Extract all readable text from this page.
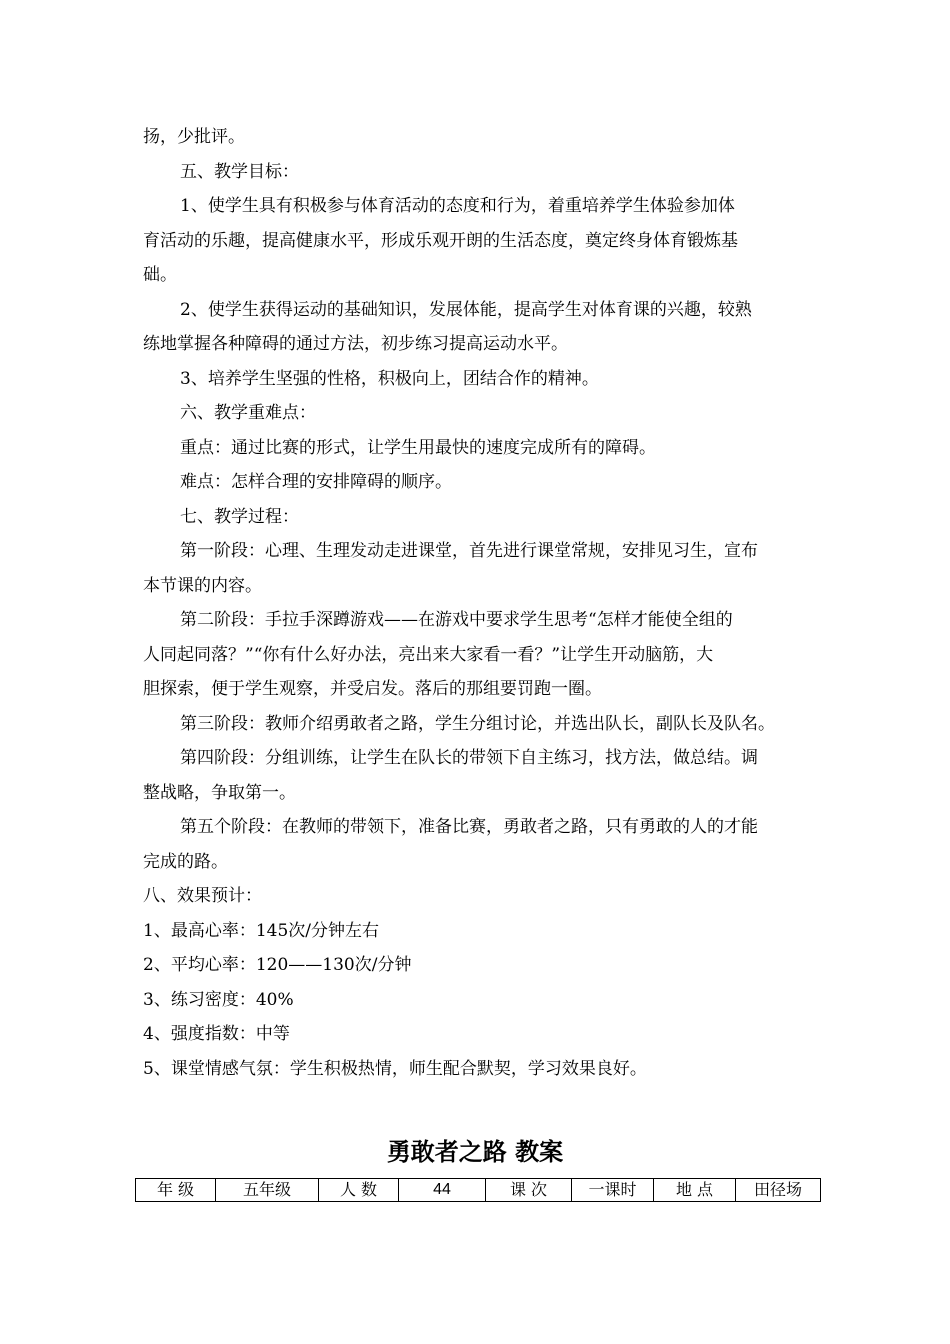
扬，少批评。
五、教学目标：
1、使学生具有积极参与体育活动的态度和行为，着重培养学生体验参加体
育活动的乐趣，提高健康水平，形成乐观开朗的生活态度，奠定终身体育锻炼基
础。
2、使学生获得运动的基础知识，发展体能，提高学生对体育课的兴趣，较熟
练地掌握各种障碍的通过方法，初步练习提高运动水平。
3、培养学生坚强的性格，积极向上，团结合作的精神。
六、教学重难点：
重点：通过比赛的形式，让学生用最快的速度完成所有的障碍。
难点：怎样合理的安排障碍的顺序。
七、教学过程：
第一阶段：心理、生理发动走进课堂，首先进行课堂常规，安排见习生，宣布
本节课的内容。
第二阶段：手拉手深蹲游戏——在游戏中要求学生思考“怎样才能使全组的
人同起同落？”“你有什么好办法，亮出来大家看一看？”让学生开动脑筋，大
胆探索，便于学生观察，并受启发。落后的那组要罚跑一圈。
第三阶段：教师介绍勇敢者之路，学生分组讨论，并选出队长，副队长及队名。
第四阶段：分组训练，让学生在队长的带领下自主练习，找方法，做总结。调
整战略，争取第一。
第五个阶段：在教师的带领下，准备比赛，勇敢者之路，只有勇敢的人的才能
完成的路。
八、效果预计：
1、最高心率：145次/分钟左右
2、平均心率：120——130次/分钟
3、练习密度：40%
4、强度指数：中等
5、课堂情感气氛：学生积极热情，师生配合默契，学习效果良好。
勇敢者之路 教案
年 级	五年级	人 数	44	课 次	一课时	地 点	田径场
